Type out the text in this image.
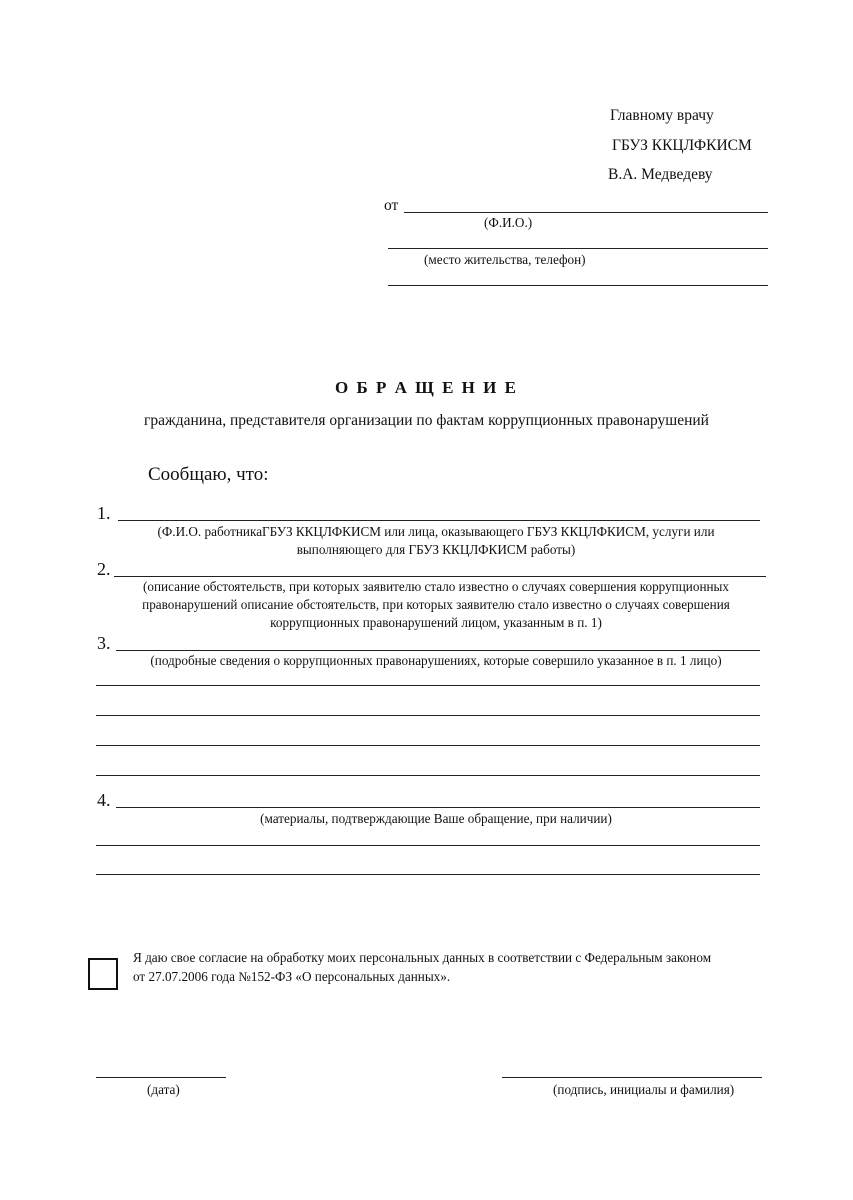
Главному врачу
ГБУЗ ККЦЛФКИСМ
В.А. Медведеву
от
(Ф.И.О.)
(место жительства, телефон)
О Б Р А Щ Е Н И Е
гражданина, представителя организации по фактам коррупционных правонарушений
Сообщаю, что:
1.
(Ф.И.О. работникаГБУЗ ККЦЛФКИСМ или лица, оказывающего ГБУЗ ККЦЛФКИСМ, услуги или
выполняющего для ГБУЗ ККЦЛФКИСМ работы)
2.
(описание обстоятельств, при которых заявителю стало известно о случаях совершения коррупционных
правонарушений описание обстоятельств, при которых заявителю стало известно о случаях совершения
коррупционных правонарушений лицом, указанным в п. 1)
3.
(подробные сведения о коррупционных правонарушениях, которые совершило указанное в п. 1 лицо)
4.
(материалы, подтверждающие Ваше обращение, при наличии)
Я даю свое согласие на обработку моих персональных данных в соответствии с Федеральным законом
от 27.07.2006 года №152-ФЗ «О персональных данных».
(дата)	(подпись, инициалы и фамилия)
